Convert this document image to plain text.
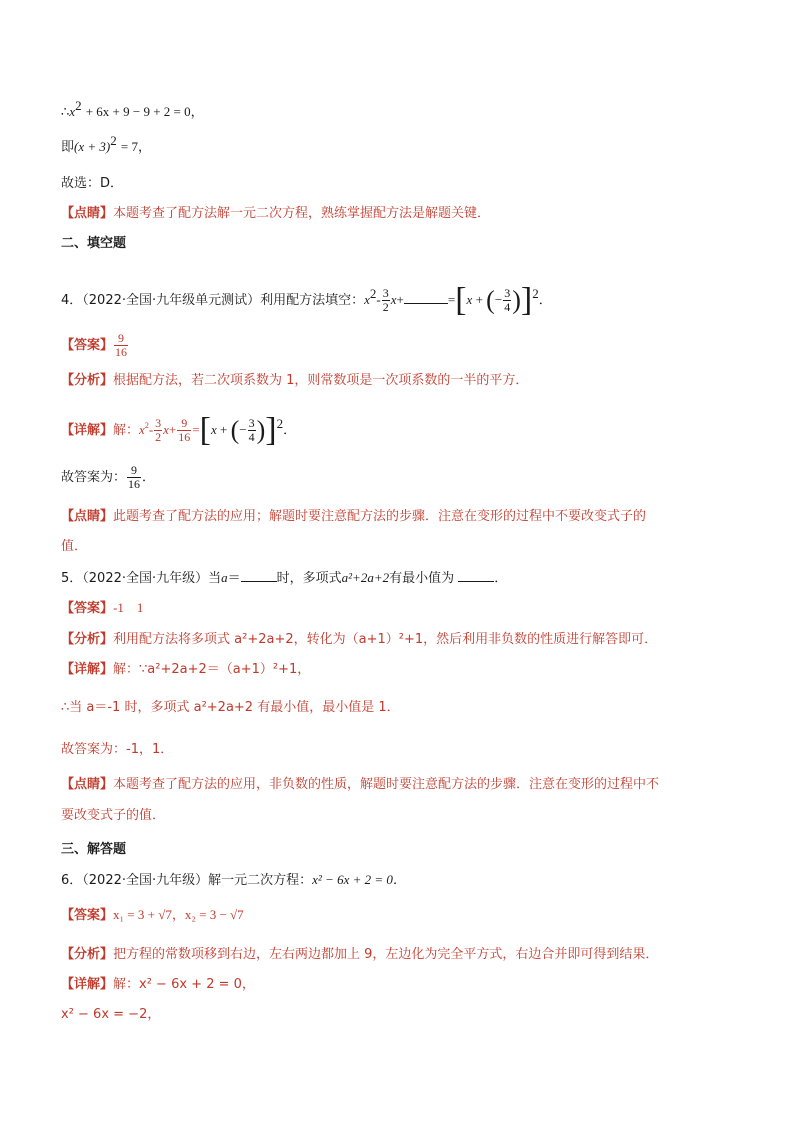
$\therefore x^2 + 6x + 9 - 9 + 2 = 0$，
即$(x + 3)^2 = 7$，
故选：D．
【点睛】本题考查了配方法解一元二次方程，熟练掌握配方法是解题关键．
二、填空题
4．（2022·全国·九年级单元测试）利用配方法填空：$x^2- \frac{3}{2} x+$	=[x + (− $\frac{3}{4} )]^2$．
【答案】 $\frac{9}{16}$
【分析】根据配方法，若二次项系数为 1，则常数项是一次项系数的一半的平方．
【详解】解：$x^2- \frac{3}{2} x+ \frac{9}{16} =[x$ + (− $\frac{3}{4} )]^2$．
故答案为： $\frac{9}{16}$ ．
【点睛】此题考查了配方法的应用；解题时要注意配方法的步骤．注意在变形的过程中不要改变式子的
值．
5．（2022·全国·九年级）当a＝	时，多项式a²+2a+2有最小值为	．
【答案】-1    1
【分析】利用配方法将多项式 a²+2a+2，转化为（a+1）²+1，然后利用非负数的性质进行解答即可．
【详解】解：∵a²+2a+2＝（a+1）²+1，
∴当 a＝-1 时，多项式 a²+2a+2 有最小值，最小值是 1．
故答案为：-1，1．
【点睛】本题考查了配方法的应用，非负数的性质，解题时要注意配方法的步骤．注意在变形的过程中不
要改变式子的值．
三、解答题
6．（2022·全国·九年级）解一元二次方程：x² − 6x + 2 = 0．
【答案】x₁ = 3 + √7，x₂ = 3 − √7
【分析】把方程的常数项移到右边，左右两边都加上 9，左边化为完全平方式，右边合并即可得到结果．
【详解】解：x² − 6x + 2 = 0，
x² − 6x = −2，
